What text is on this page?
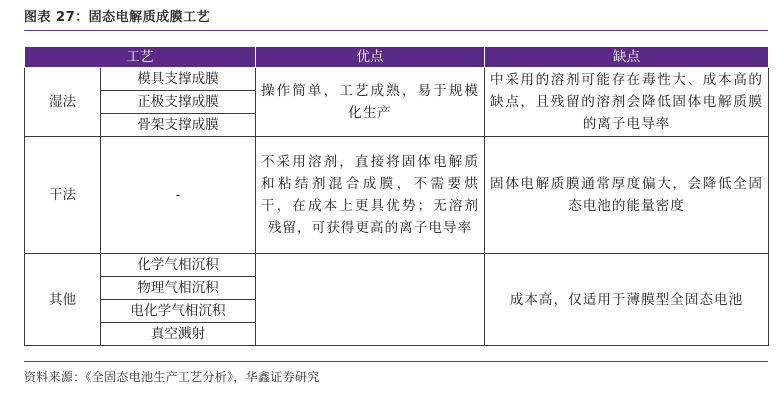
图表 27：固态电解质成膜工艺
工艺		优点	缺点
湿法	模具支撑成膜	操作简单，工艺成熟，易于规模化生产	中采用的溶剂可能存在毒性大、成本高的缺点，且残留的溶剂会降低固体电解质膜的离子电导率

	正极支撑成膜		
	骨架支撑成膜		
干法	-	不采用溶剂，直接将固体电解质和粘结剂混合成膜，不需要烘干，在成本上更具优势；无溶剂残留，可获得更高的离子电导率	固体电解质膜通常厚度偏大，会降低全固态电池的能量密度

其他	化学气相沉积		成本高，仅适用于薄膜型全固态电池

	物理气相沉积		
	电化学气相沉积		
	真空溅射		
资料来源：《全固态电池生产工艺分析》，华鑫证券研究
